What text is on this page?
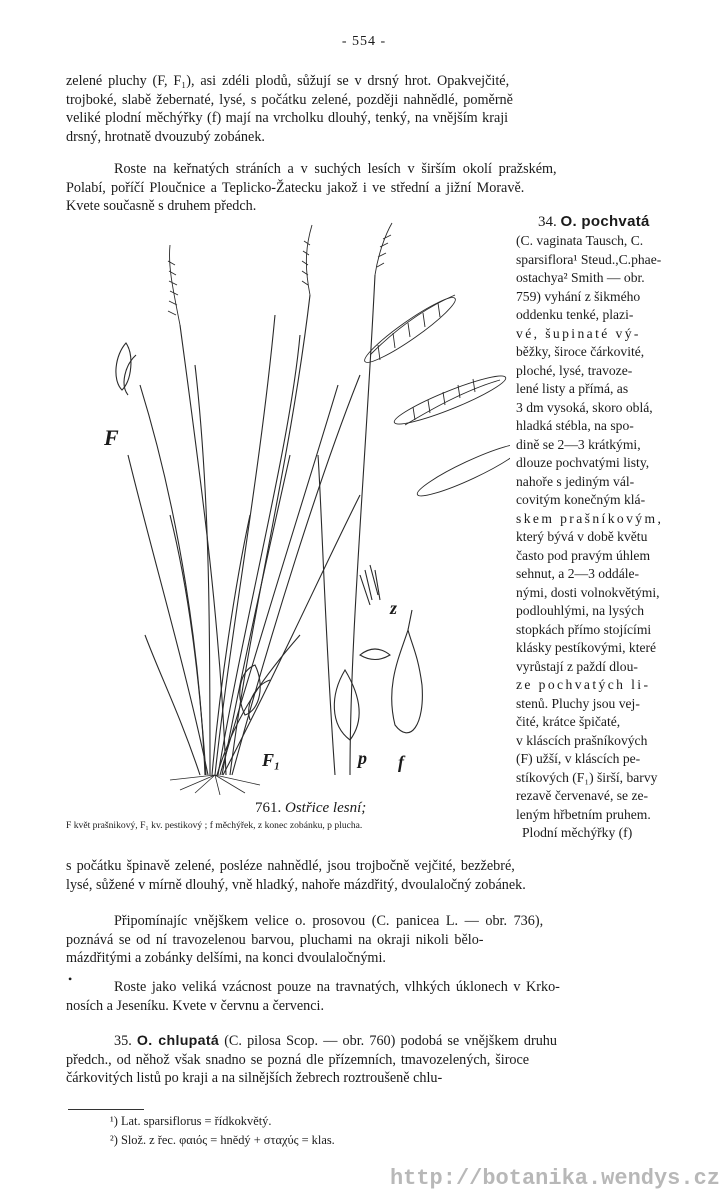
- 554 -
zelené pluchy (F, F₁), asi zdéli plodů, sůžují se v drsný hrot. Opakvejčité,
trojboké, slabě žebernaté, lysé, s počátku zelené, později nahnědlé, poměrně
veliké plodní měchýřky (f) mají na vrcholku dlouhý, tenký, na vnějším kraji
drsný, hrotnatě dvouzubý zobánek.
Roste na keřnatých stráních a v suchých lesích v širším okolí pražském,
Polabí, poříčí Ploučnice a Teplicko-Žatecku jakož i ve střední a jižní Moravě.
Kvete současně s druhem předch.
34. O. pochvatá
(C. vaginata Tausch, C.
sparsiflora¹ Steud.,C.phae-
ostachya² Smith — obr.
759) vyhání z šikmého
oddenku tenké, plazi-
vé, šupinaté vý-
běžky, široce čárkovité,
ploché, lysé, travoze-
lené listy a přímá, as
3 dm vysoká, skoro oblá,
hladká stébla, na spo-
dině se 2—3 krátkými,
dlouze pochvatými listy,
nahoře s jediným vál-
covitým konečným klá-
skem prašníkovým,
který bývá v době květu
často pod pravým úhlem
sehnut, a 2—3 oddále-
nými, dosti volnokvětými,
podlouhlými, na lysých
stopkách přímo stojícími
klásky pestíkovými, které
vyrůstají z paždí dlou-
ze pochvatých li-
stenů. Pluchy jsou vej-
čité, krátce špičaté,
v kláscích prašníkových
(F) užší, v kláscích pe-
stíkových (F₁) širší, barvy
rezavě červenavé, se ze-
leným hřbetním pruhem.
Plodní měchýřky (f)
F
F₁
z
p f
761. Ostřice lesní;
F květ prašnikový, F₁ kv. pestikový ; f měchýřek, z konec zobánku, p plucha.
s počátku špinavě zelené, posléze nahnědlé, jsou trojbočně vejčité, bezžebré,
lysé, sůžené v mírně dlouhý, vně hladký, nahoře mázdřitý, dvoulaločný zobánek.
Připomínajíc vnějškem velice o. prosovou (C. panicea L. — obr. 736),
poznává se od ní travozelenou barvou, pluchami na okraji nikoli bělo-
mázdřitými a zobánky delšími, na konci dvoulaločnými.
•	Roste jako veliká vzácnost pouze na travnatých, vlhkých úklonech v Krko-
nosích a Jeseníku. Kvete v červnu a červenci.
35. O. chlupatá (C. pilosa Scop. — obr. 760) podobá se vnějškem druhu
předch., od něhož však snadno se pozná dle přízemních, tmavozelených, široce
čárkovitých listů po kraji a na silnějších žebrech roztroušeně chlu-
¹) Lat. sparsiflorus = řídkokvětý.
²) Slož. z řec. φαιός = hnědý + σταχύς = klas.
http://botanika.wendys.cz
